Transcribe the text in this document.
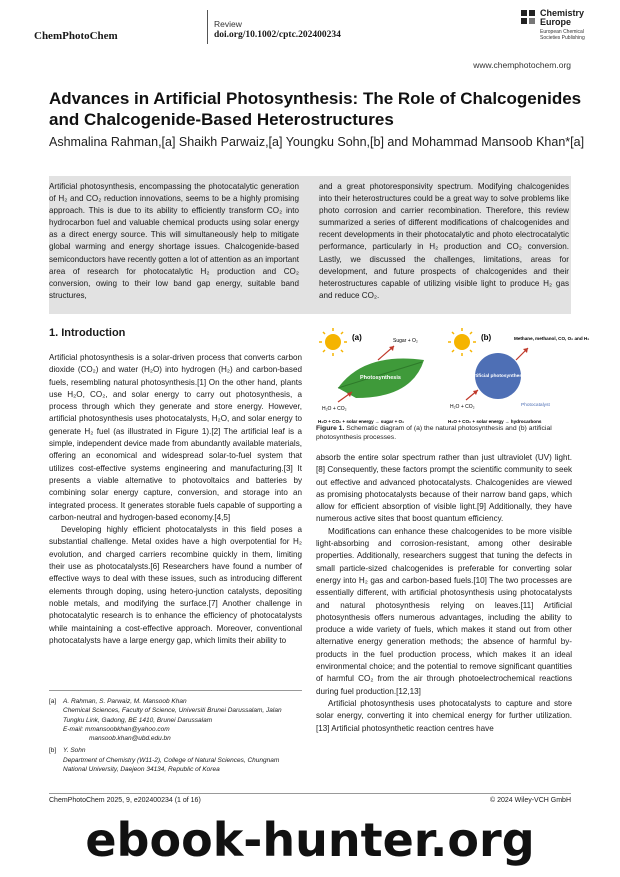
ChemPhotoChem
Review
doi.org/10.1002/cptc.202400234
Chemistry Europe
European Chemical Societies Publishing
www.chemphotochem.org
Advances in Artificial Photosynthesis: The Role of Chalcogenides and Chalcogenide-Based Heterostructures
Ashmalina Rahman,[a] Shaikh Parwaiz,[a] Youngku Sohn,[b] and Mohammad Mansoob Khan*[a]
Artificial photosynthesis, encompassing the photocatalytic generation of H₂ and CO₂ reduction innovations, seems to be a highly promising approach. This is due to its ability to efficiently transform CO₂ into hydrocarbon fuel and valuable chemical products using solar energy as a direct energy source. This will simultaneously help to mitigate global warming and energy shortage issues. Chalcogenide-based semiconductors have recently gotten a lot of attention as an important area of research for photocatalytic H₂ production and CO₂ conversion, owing to their low band gap energy, suitable band structures,
and a great photoresponsivity spectrum. Modifying chalcogenides into their heterostructures could be a great way to solve problems like photo corrosion and carrier recombination. Therefore, this review summarized a series of different modifications of chalcogenides and recent developments in their photocatalytic and photo electrocatalytic performance, particularly in H₂ production and CO₂ conversion. Lastly, we discussed the challenges, limitations, areas for development, and future prospects of chalcogenides and their heterostructures capable of utilizing visible light to produce H₂ gas and reduce CO₂.
1. Introduction

Artificial photosynthesis is a solar-driven process that converts carbon dioxide (CO₂) and water (H₂O) into hydrogen (H₂) and carbon-based fuels, resembling natural photosynthesis.[1] On the other hand, plants use H₂O, CO₂, and solar energy to carry out photosynthesis, a process through which they generate and store energy. However, artificial photosynthesis uses photocatalysts, H₂O, and solar energy to generate H₂ fuel (as illustrated in Figure 1).[2] The artificial leaf is a simple, independent device made from abundantly available materials, offering an economical and widespread solar-to-fuel system that utilizes cost-effective systems engineering and manufacturing.[3] It presents a viable alternative to photovoltaics and batteries by combining solar energy capture, conversion, and storage into an integrated process. It generates storable fuels capable of supporting a carbon-neutral and hydrogen-based economy.[4,5]

Developing highly efficient photocatalysts in this field poses a substantial challenge. Metal oxides have a high overpotential for H₂ evolution, and charged carriers recombine quickly in them, limiting their use as photocatalysts.[6] Researchers have found a number of effective ways to deal with these issues, such as introducing different elements through doping, using hetero-junction catalysts, depositing noble metals, and modifying the surface.[7] Another challenge in photocatalytic research is to enhance the efficiency of photocatalysts while maintaining a cost-effective approach. Moreover, conventional photocatalysts have a large energy gap, which limits their ability to

(a)
Photosynthesis
Sugar + O₂
H₂O + CO₂
H₂O + CO₂ + solar energy → sugar + O₂
(b)
Artificial photosynthesis
Methane, methanol, CO, O₂ and H₂
H₂O + CO₂	Photocatalyst
H₂O + CO₂ + solar energy → hydrocarbons
Figure 1. Schematic diagram of (a) the natural photosynthesis and (b) artificial photosynthesis processes.

absorb the entire solar spectrum rather than just ultraviolet (UV) light.[8] Consequently, these factors prompt the scientific community to seek out effective and advanced photocatalysts. Chalcogenides are viewed as promising photocatalysts because of their narrow band gaps, which allow for efficient absorption of visible light.[9] Additionally, they have numerous active sites that boost quantum efficiency.

Modifications can enhance these chalcogenides to be more visible light-absorbing and corrosion-resistant, among other desirable properties. Additionally, researchers suggest that tuning the defects in small particle-sized chalcogenides is preferable for converting solar energy into H₂ gas and carbon-based fuels.[10] The two processes are essentially different, with artificial photosynthesis using photocatalysts and natural photosynthesis relying on leaves.[11] Artificial photosynthesis offers numerous advantages, including the ability to produce a wide variety of fuels, which makes it stand out from other alternative energy generation methods; the absence of harmful by-products in the fuel production process, which makes it an ideal environmental choice; and the potential to remove significant quantities of harmful CO₂ from the air through photoelectrochemical reactions during fuel production.[12,13]

Artificial photosynthesis uses photocatalysts to capture and store solar energy, converting it into chemical energy for further utilization.[13] Artificial photosynthetic reaction centres have

[a] A. Rahman, S. Parwaiz, M. Mansoob Khan
Chemical Sciences, Faculty of Science, Universiti Brunei Darussalam, Jalan
Tungku Link, Gadong, BE 1410, Brunei Darussalam
E-mail: mmansoobkhan@yahoo.com
mansoob.khan@ubd.edu.bn
[b] Y. Sohn
Department of Chemistry (W11-2), College of Natural Sciences, Chungnam
National University, Daejeon 34134, Republic of Korea
ChemPhotoChem 2025, 9, e202400234 (1 of 16)	© 2024 Wiley-VCH GmbH
ebook-hunter.org
